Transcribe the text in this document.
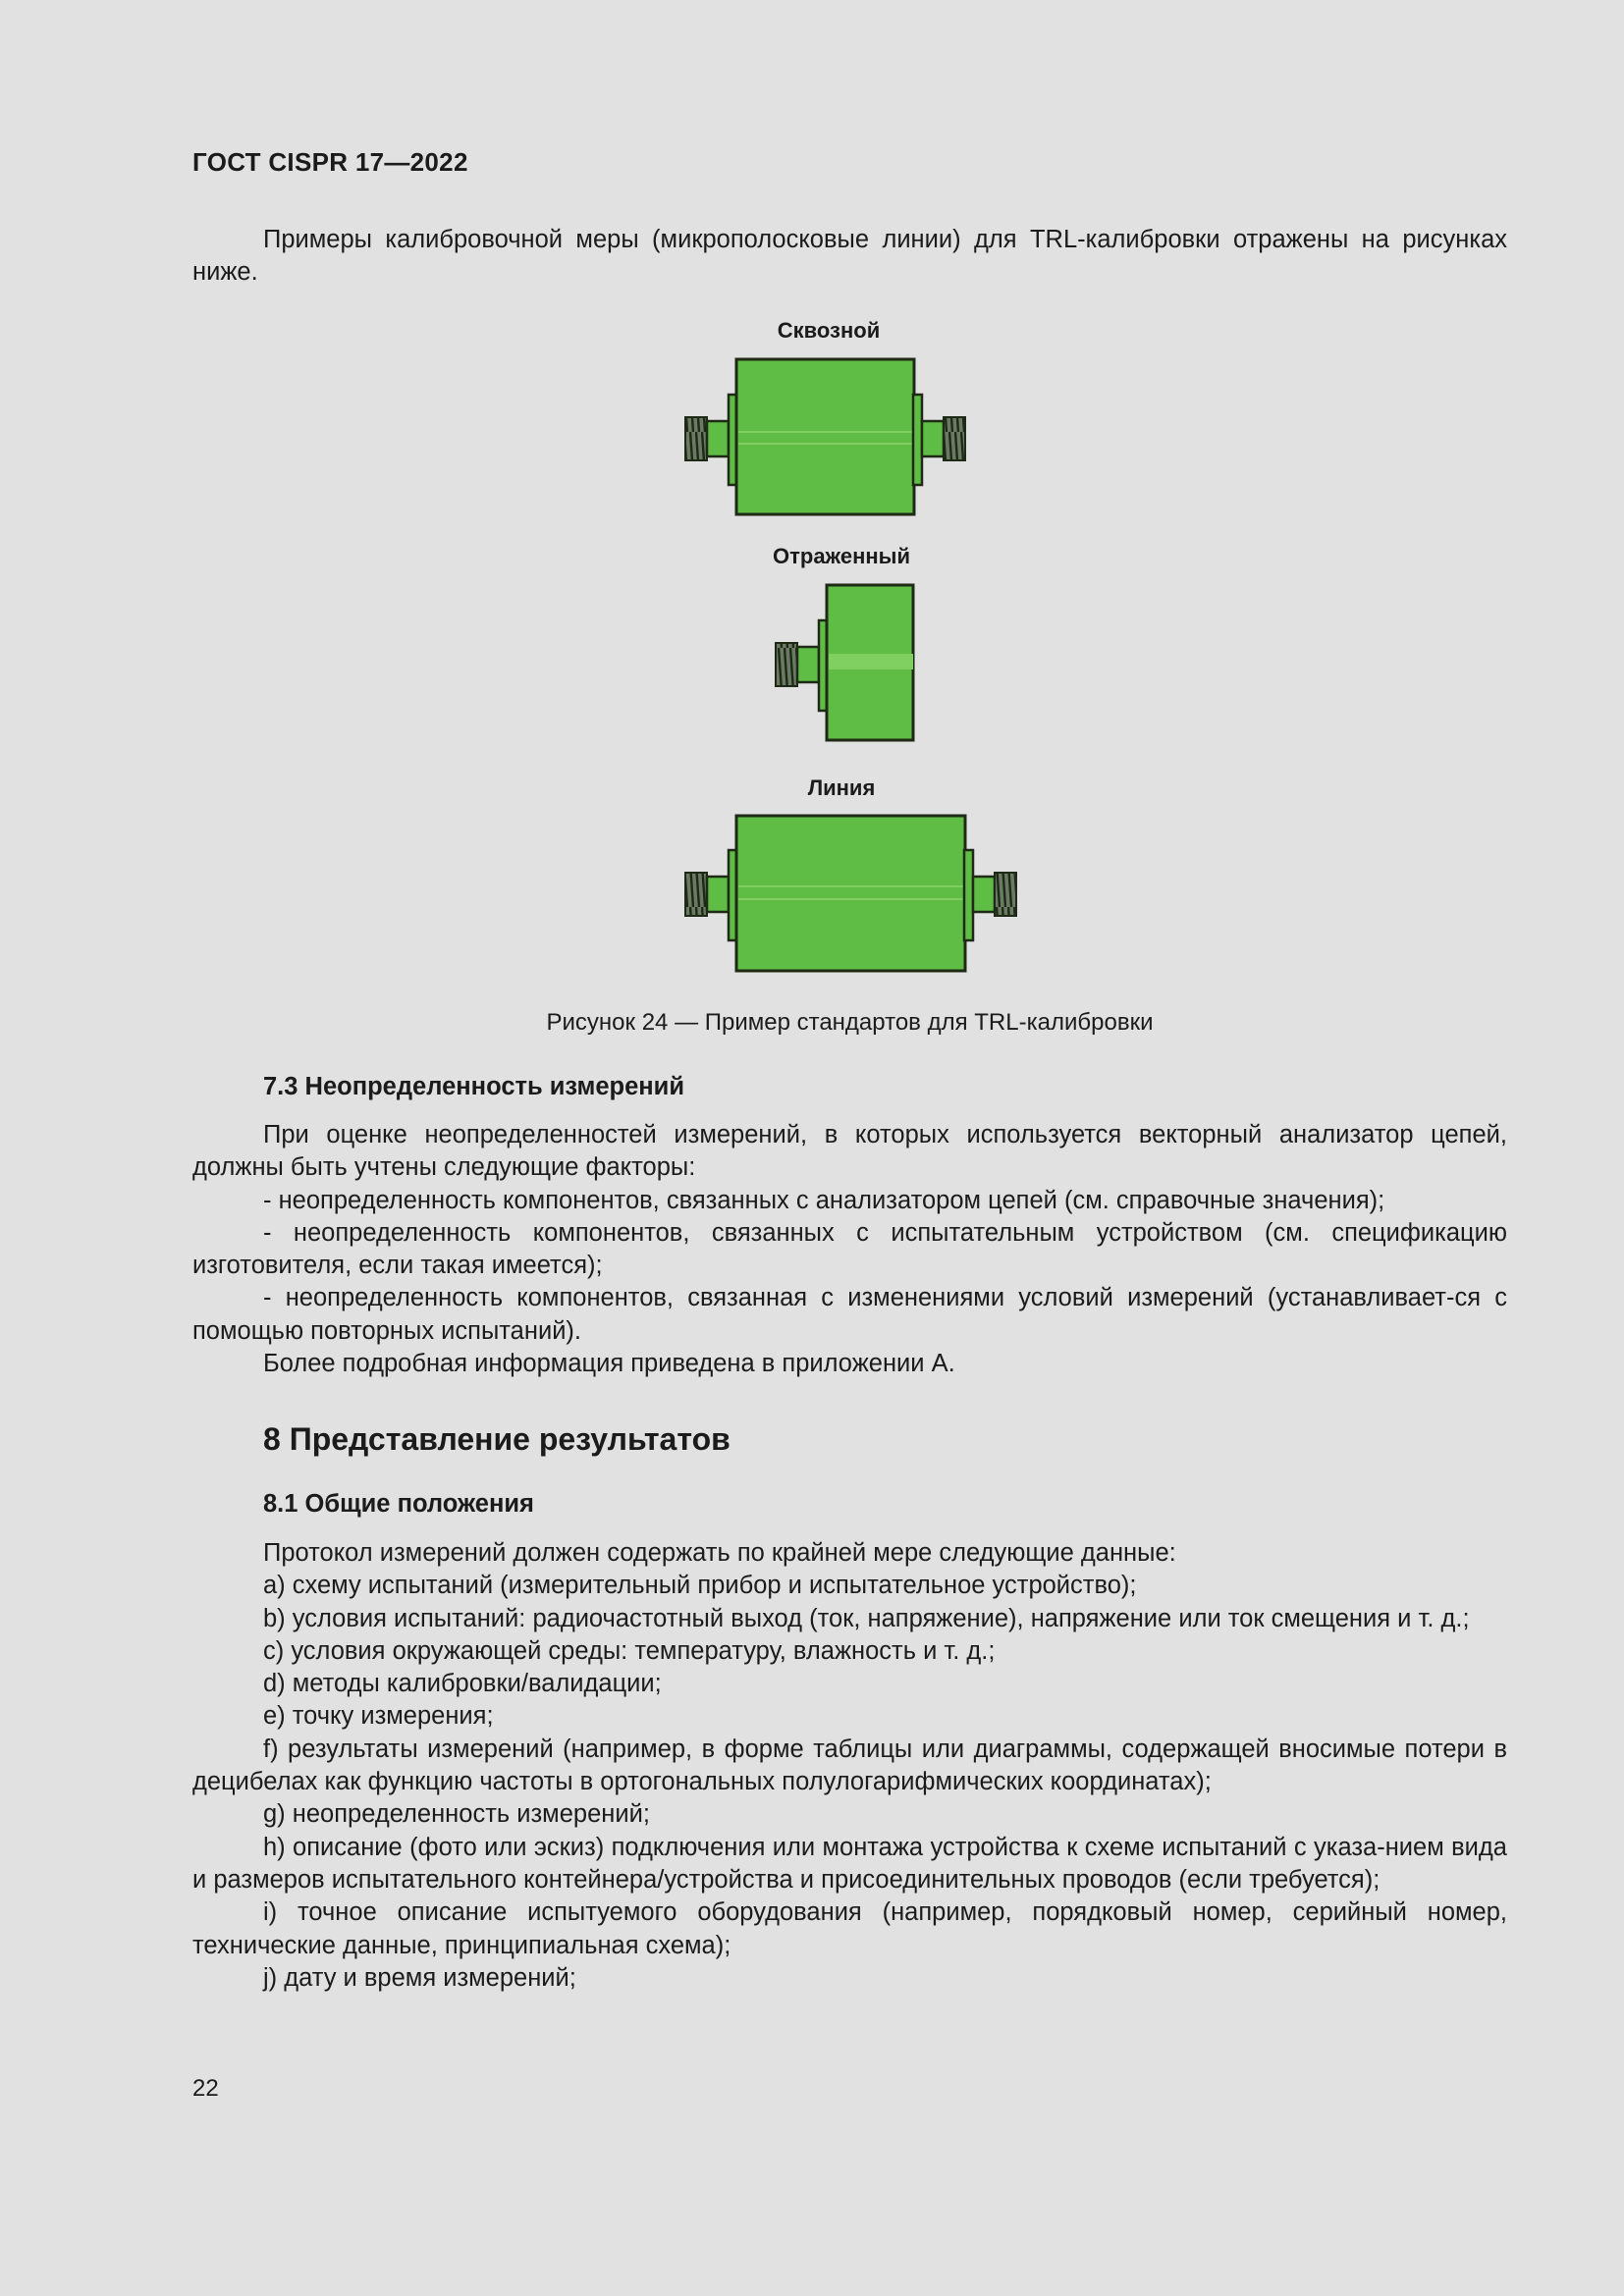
ГОСТ CISPR 17—2022

Примеры калибровочной меры (микрополосковые линии) для TRL-калибровки отражены на рисунках ниже.

Сквозной
Отраженный
Линия
Рисунок 24 — Пример стандартов для TRL-калибровки
7.3 Неопределенность измерений

При оценке неопределенностей измерений, в которых используется векторный анализатор цепей, должны быть учтены следующие факторы:

- неопределенность компонентов, связанных с анализатором цепей (см. справочные значения);

- неопределенность компонентов, связанных с испытательным устройством (см. спецификацию изготовителя, если такая имеется);

- неопределенность компонентов, связанная с изменениями условий измерений (устанавливает-ся с помощью повторных испытаний).

Более подробная информация приведена в приложении А.

8 Представление результатов
8.1 Общие положения

Протокол измерений должен содержать по крайней мере следующие данные:

a) схему испытаний (измерительный прибор и испытательное устройство);

b) условия испытаний: радиочастотный выход (ток, напряжение), напряжение или ток смещения и т. д.;

c) условия окружающей среды: температуру, влажность и т. д.;

d) методы калибровки/валидации;

e) точку измерения;

f) результаты измерений (например, в форме таблицы или диаграммы, содержащей вносимые потери в децибелах как функцию частоты в ортогональных полулогарифмических координатах);

g) неопределенность измерений;

h) описание (фото или эскиз) подключения или монтажа устройства к схеме испытаний с указа-нием вида и размеров испытательного контейнера/устройства и присоединительных проводов (если требуется);

i) точное описание испытуемого оборудования (например, порядковый номер, серийный номер, технические данные, принципиальная схема);

j) дату и время измерений;

22
